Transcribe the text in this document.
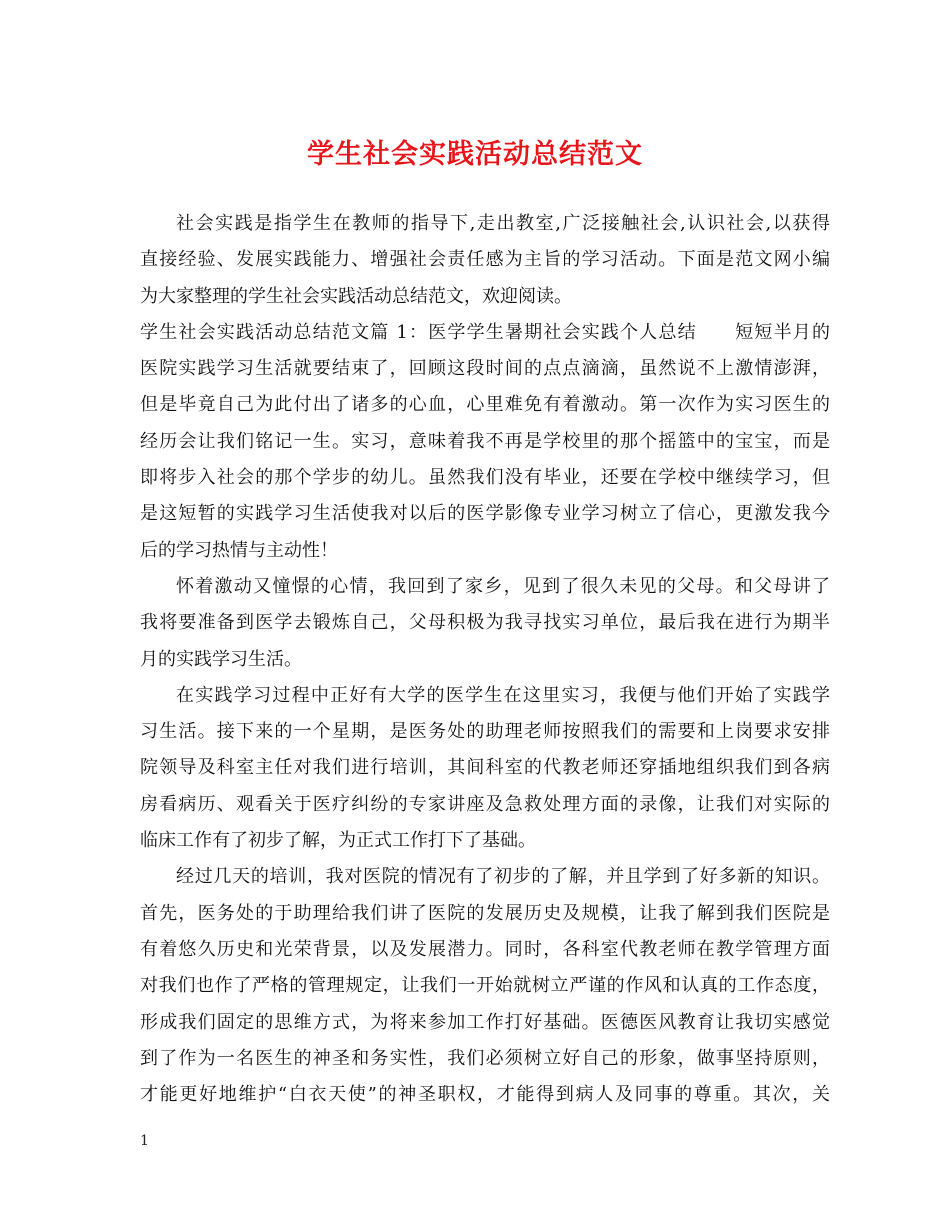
学生社会实践活动总结范文
社会实践是指学生在教师的指导下,走出教室,广泛接触社会,认识社会,以获得
直接经验、发展实践能力、增强社会责任感为主旨的学习活动。下面是范文网小编
为大家整理的学生社会实践活动总结范文，欢迎阅读。
学生社会实践活动总结范文篇 1：医学学生暑期社会实践个人总结　　短短半月的
医院实践学习生活就要结束了，回顾这段时间的点点滴滴，虽然说不上激情澎湃，
但是毕竟自己为此付出了诸多的心血，心里难免有着激动。第一次作为实习医生的
经历会让我们铭记一生。实习，意味着我不再是学校里的那个摇篮中的宝宝，而是
即将步入社会的那个学步的幼儿。虽然我们没有毕业，还要在学校中继续学习，但
是这短暂的实践学习生活使我对以后的医学影像专业学习树立了信心，更激发我今
后的学习热情与主动性！
怀着激动又憧憬的心情，我回到了家乡，见到了很久未见的父母。和父母讲了
我将要准备到医学去锻炼自己，父母积极为我寻找实习单位，最后我在进行为期半
月的实践学习生活。
在实践学习过程中正好有大学的医学生在这里实习，我便与他们开始了实践学
习生活。接下来的一个星期，是医务处的助理老师按照我们的需要和上岗要求安排
院领导及科室主任对我们进行培训，其间科室的代教老师还穿插地组织我们到各病
房看病历、观看关于医疗纠纷的专家讲座及急救处理方面的录像，让我们对实际的
临床工作有了初步了解，为正式工作打下了基础。
经过几天的培训，我对医院的情况有了初步的了解，并且学到了好多新的知识。
首先，医务处的于助理给我们讲了医院的发展历史及规模，让我了解到我们医院是
有着悠久历史和光荣背景，以及发展潜力。同时，各科室代教老师在教学管理方面
对我们也作了严格的管理规定，让我们一开始就树立严谨的作风和认真的工作态度，
形成我们固定的思维方式，为将来参加工作打好基础。医德医风教育让我切实感觉
到了作为一名医生的神圣和务实性，我们必须树立好自己的形象，做事坚持原则，
才能更好地维护“白衣天使”的神圣职权，才能得到病人及同事的尊重。其次，关
1
